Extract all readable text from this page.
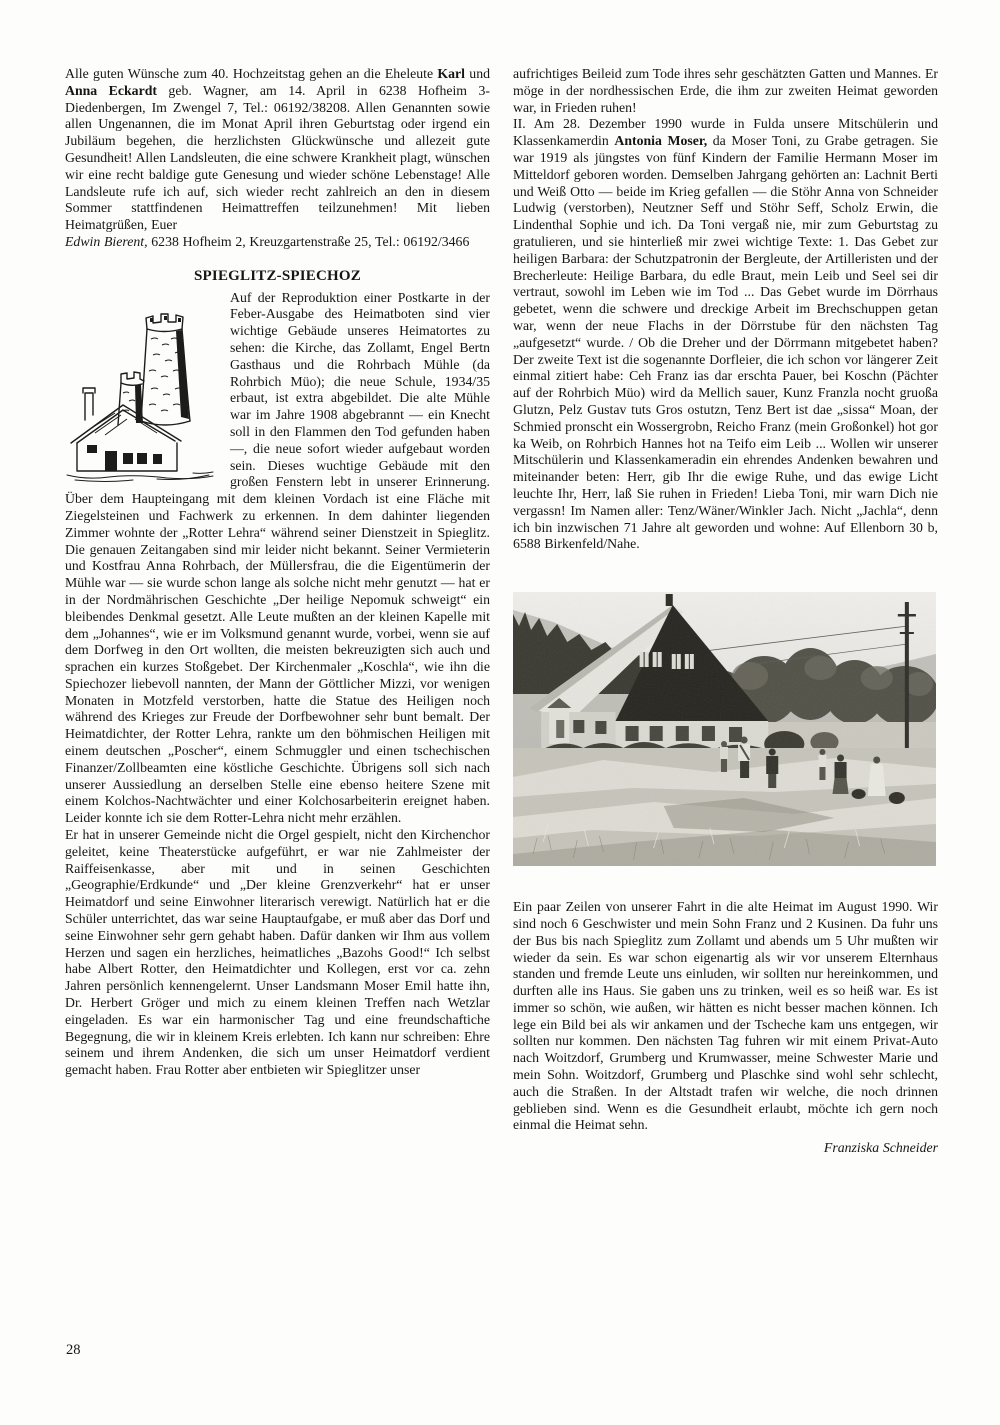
Alle guten Wünsche zum 40. Hochzeitstag gehen an die Eheleute Karl und Anna Eckardt geb. Wagner, am 14. April in 6238 Hofheim 3-Diedenbergen, Im Zwengel 7, Tel.: 06192/38208. Allen Genannten sowie allen Ungenannen, die im Monat April ihren Geburtstag oder irgend ein Jubiläum begehen, die herzlichsten Glückwünsche und allezeit gute Gesundheit! Allen Landsleuten, die eine schwere Krankheit plagt, wünschen wir eine recht baldige gute Genesung und wieder schöne Lebenstage! Alle Landsleute rufe ich auf, sich wieder recht zahlreich an den in diesem Sommer stattfindenen Heimattreffen teilzunehmen! Mit lieben Heimatgrüßen, Euer
Edwin Bierent, 6238 Hofheim 2, Kreuzgartenstraße 25, Tel.: 06192/3466

SPIEGLITZ-SPIECHOZ

Auf der Reproduktion einer Postkarte in der Feber-Ausgabe des Heimatboten sind vier wichtige Gebäude unseres Heimatortes zu sehen: die Kirche, das Zollamt, Engel Bertn Gasthaus und die Rohrbach Mühle (da Rohrbich Müo); die neue Schule, 1934/35 erbaut, ist extra abgebildet. Die alte Mühle war im Jahre 1908 abgebrannt — ein Knecht soll in den Flammen den Tod gefunden haben —, die neue sofort wieder aufgebaut worden sein. Dieses wuchtige Gebäude mit den großen Fenstern lebt in unserer Erinnerung. Über dem Haupteingang mit dem kleinen Vordach ist eine Fläche mit Ziegelsteinen und Fachwerk zu erkennen. In dem dahinter liegenden Zimmer wohnte der „Rotter Lehra“ während seiner Dienstzeit in Spieglitz. Die genauen Zeitangaben sind mir leider nicht bekannt. Seiner Vermieterin und Kostfrau Anna Rohrbach, der Müllersfrau, die die Eigentümerin der Mühle war — sie wurde schon lange als solche nicht mehr genutzt — hat er in der Nordmährischen Geschichte „Der heilige Nepomuk schweigt“ ein bleibendes Denkmal gesetzt. Alle Leute mußten an der kleinen Kapelle mit dem „Johannes“, wie er im Volksmund genannt wurde, vorbei, wenn sie auf dem Dorfweg in den Ort wollten, die meisten bekreuzigten sich auch und sprachen ein kurzes Stoßgebet. Der Kirchenmaler „Koschla“, wie ihn die Spiechozer liebevoll nannten, der Mann der Göttlicher Mizzi, vor wenigen Monaten in Motzfeld verstorben, hatte die Statue des Heiligen noch während des Krieges zur Freude der Dorfbewohner sehr bunt bemalt. Der Heimatdichter, der Rotter Lehra, rankte um den böhmischen Heiligen mit einem deutschen „Poscher“, einem Schmuggler und einen tschechischen Finanzer/Zollbeamten eine köstliche Geschichte. Übrigens soll sich nach unserer Aussiedlung an derselben Stelle eine ebenso heitere Szene mit einem Kolchos-Nachtwächter und einer Kolchosarbeiterin ereignet haben. Leider konnte ich sie dem Rotter-Lehra nicht mehr erzählen.

Er hat in unserer Gemeinde nicht die Orgel gespielt, nicht den Kirchenchor geleitet, keine Theaterstücke aufgeführt, er war nie Zahlmeister der Raiffeisenkasse, aber mit und in seinen Geschichten „Geographie/Erdkunde“ und „Der kleine Grenzverkehr“ hat er unser Heimatdorf und seine Einwohner literarisch verewigt. Natürlich hat er die Schüler unterrichtet, das war seine Hauptaufgabe, er muß aber das Dorf und seine Einwohner sehr gern gehabt haben. Dafür danken wir Ihm aus vollem Herzen und sagen ein herzliches, heimatliches „Bazohs Good!“ Ich selbst habe Albert Rotter, den Heimatdichter und Kollegen, erst vor ca. zehn Jahren persönlich kennengelernt. Unser Landsmann Moser Emil hatte ihn, Dr. Herbert Gröger und mich zu einem kleinen Treffen nach Wetzlar eingeladen. Es war ein harmonischer Tag und eine freundschaftiche Begegnung, die wir in kleinem Kreis erlebten. Ich kann nur schreiben: Ehre seinem und ihrem Andenken, die sich um unser Heimatdorf verdient gemacht haben. Frau Rotter aber entbieten wir Spieglitzer unser

aufrichtiges Beileid zum Tode ihres sehr geschätzten Gatten und Mannes. Er möge in der nordhessischen Erde, die ihm zur zweiten Heimat geworden war, in Frieden ruhen!

II. Am 28. Dezember 1990 wurde in Fulda unsere Mitschülerin und Klassenkamerdin Antonia Moser, da Moser Toni, zu Grabe getragen. Sie war 1919 als jüngstes von fünf Kindern der Familie Hermann Moser im Mitteldorf geboren worden. Demselben Jahrgang gehörten an: Lachnit Berti und Weiß Otto — beide im Krieg gefallen — die Stöhr Anna von Schneider Ludwig (verstorben), Neutzner Seff und Stöhr Seff, Scholz Erwin, die Lindenthal Sophie und ich. Da Toni vergaß nie, mir zum Geburtstag zu gratulieren, und sie hinterließ mir zwei wichtige Texte: 1. Das Gebet zur heiligen Barbara: der Schutzpatronin der Bergleute, der Artilleristen und der Brecherleute: Heilige Barbara, du edle Braut, mein Leib und Seel sei dir vertraut, sowohl im Leben wie im Tod ... Das Gebet wurde im Dörrhaus gebetet, wenn die schwere und dreckige Arbeit im Brechschuppen getan war, wenn der neue Flachs in der Dörrstube für den nächsten Tag „aufgesetzt“ wurde. / Ob die Dreher und der Dörrmann mitgebetet haben? Der zweite Text ist die sogenannte Dorfleier, die ich schon vor längerer Zeit einmal zitiert habe: Ceh Franz ias dar erschta Pauer, bei Koschn (Pächter auf der Rohrbich Müo) wird da Mellich sauer, Kunz Franzla nocht gruoßa Glutzn, Pelz Gustav tuts Gros ostutzn, Tenz Bert ist dae „sissa“ Moan, der Schmied pronscht ein Wossergrobn, Reicho Franz (mein Großonkel) hot gor ka Weib, on Rohrbich Hannes hot na Teifo eim Leib ... Wollen wir unserer Mitschülerin und Klassenkameradin ein ehrendes Andenken bewahren und miteinander beten: Herr, gib Ihr die ewige Ruhe, und das ewige Licht leuchte Ihr, Herr, laß Sie ruhen in Frieden! Lieba Toni, mir warn Dich nie vergassn! Im Namen aller: Tenz/Wäner/Winkler Jach. Nicht „Jachla“, denn ich bin inzwischen 71 Jahre alt geworden und wohne: Auf Ellenborn 30 b, 6588 Birkenfeld/Nahe.

Ein paar Zeilen von unserer Fahrt in die alte Heimat im August 1990. Wir sind noch 6 Geschwister und mein Sohn Franz und 2 Kusinen. Da fuhr uns der Bus bis nach Spieglitz zum Zollamt und abends um 5 Uhr mußten wir wieder da sein. Es war schon eigenartig als wir vor unserem Elternhaus standen und fremde Leute uns einluden, wir sollten nur hereinkommen, und durften alle ins Haus. Sie gaben uns zu trinken, weil es so heiß war. Es ist immer so schön, wie außen, wir hätten es nicht besser machen können. Ich lege ein Bild bei als wir ankamen und der Tscheche kam uns entgegen, wir sollten nur kommen. Den nächsten Tag fuhren wir mit einem Privat-Auto nach Woitzdorf, Grumberg und Krumwasser, meine Schwester Marie und mein Sohn. Woitzdorf, Grumberg und Plaschke sind wohl sehr schlecht, auch die Straßen. In der Altstadt trafen wir welche, die noch drinnen geblieben sind. Wenn es die Gesundheit erlaubt, möchte ich gern noch einmal die Heimat sehn.

Franziska Schneider

28
